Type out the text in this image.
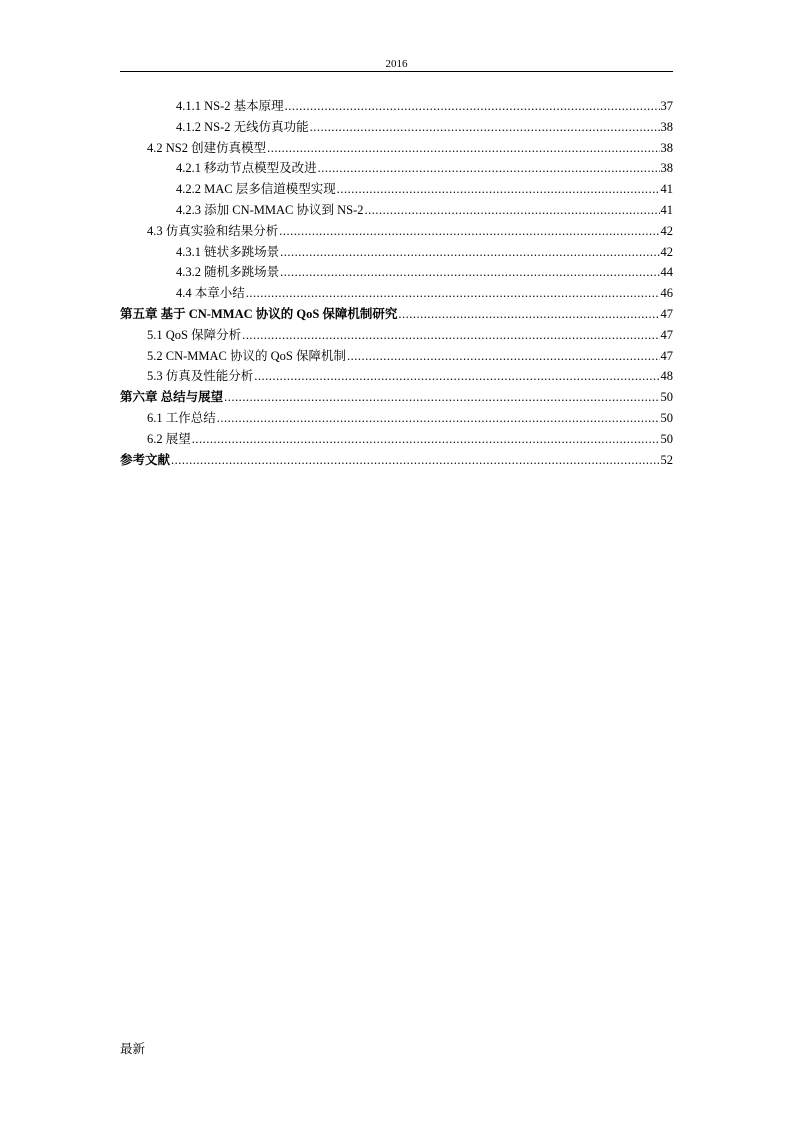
2016
4.1.1 NS-2 基本原理 .....	37
4.1.2 NS-2 无线仿真功能 .....	38
4.2 NS2 创建仿真模型 .....	38
4.2.1 移动节点模型及改进 .....	38
4.2.2 MAC 层多信道模型实现 .....	41
4.2.3 添加 CN-MMAC 协议到 NS-2 .....	41
4.3 仿真实验和结果分析 .....	42
4.3.1 链状多跳场景 .....	42
4.3.2 随机多跳场景 .....	44
4.4 本章小结 .....	46
第五章 基于 CN-MMAC 协议的 QoS 保障机制研究 .....	47
5.1 QoS 保障分析 .....	47
5.2 CN-MMAC 协议的 QoS 保障机制 .....	47
5.3 仿真及性能分析 .....	48
第六章 总结与展望 .....	50
6.1 工作总结 .....	50
6.2 展望 .....	50
参考文献 .....	52
最新
